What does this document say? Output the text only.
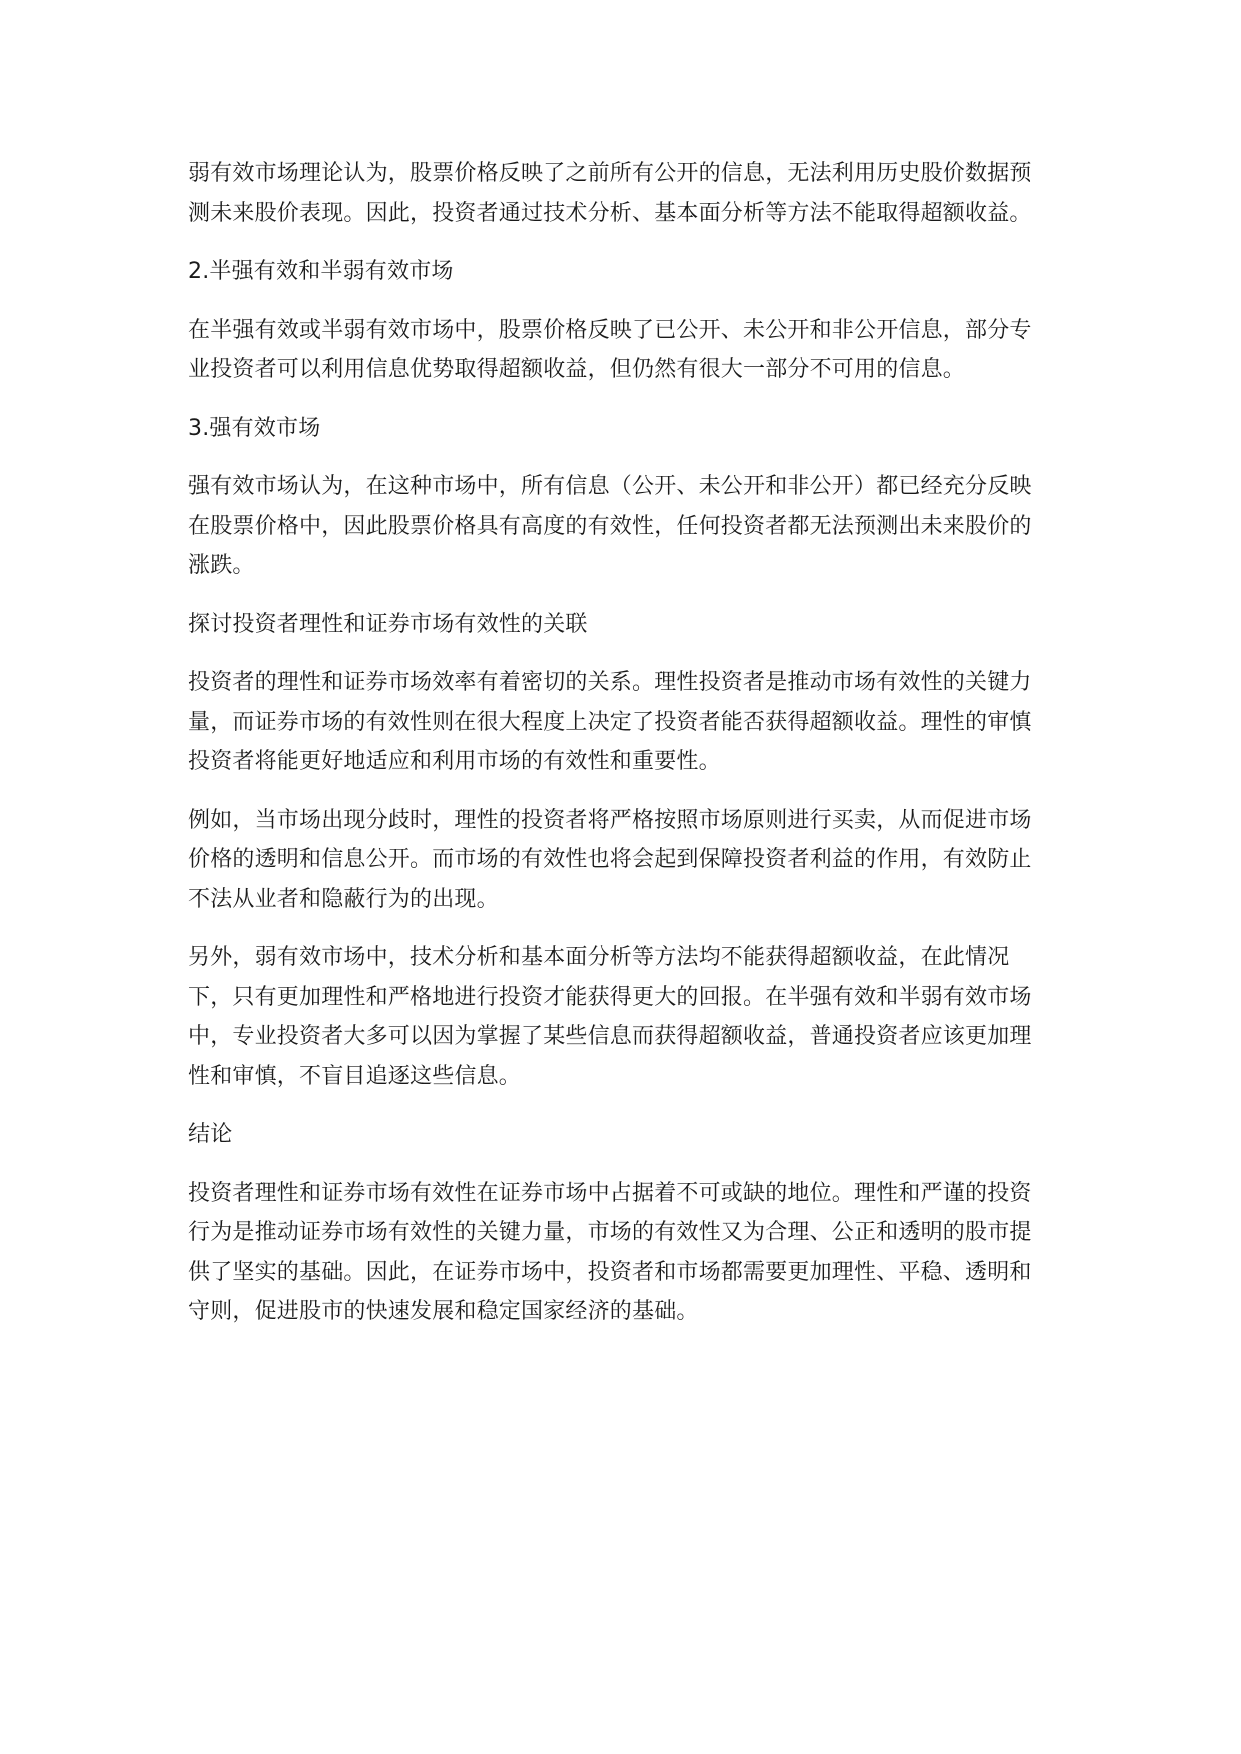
弱有效市场理论认为，股票价格反映了之前所有公开的信息，无法利用历史股价数据预测未来股价表现。因此，投资者通过技术分析、基本面分析等方法不能取得超额收益。

2.半强有效和半弱有效市场

在半强有效或半弱有效市场中，股票价格反映了已公开、未公开和非公开信息，部分专业投资者可以利用信息优势取得超额收益，但仍然有很大一部分不可用的信息。

3.强有效市场

强有效市场认为，在这种市场中，所有信息（公开、未公开和非公开）都已经充分反映在股票价格中，因此股票价格具有高度的有效性，任何投资者都无法预测出未来股价的涨跌。

探讨投资者理性和证券市场有效性的关联

投资者的理性和证券市场效率有着密切的关系。理性投资者是推动市场有效性的关键力量，而证券市场的有效性则在很大程度上决定了投资者能否获得超额收益。理性的审慎投资者将能更好地适应和利用市场的有效性和重要性。

例如，当市场出现分歧时，理性的投资者将严格按照市场原则进行买卖，从而促进市场价格的透明和信息公开。而市场的有效性也将会起到保障投资者利益的作用，有效防止不法从业者和隐蔽行为的出现。

另外，弱有效市场中，技术分析和基本面分析等方法均不能获得超额收益，在此情况下，只有更加理性和严格地进行投资才能获得更大的回报。在半强有效和半弱有效市场中，专业投资者大多可以因为掌握了某些信息而获得超额收益，普通投资者应该更加理性和审慎，不盲目追逐这些信息。

结论

投资者理性和证券市场有效性在证券市场中占据着不可或缺的地位。理性和严谨的投资行为是推动证券市场有效性的关键力量，市场的有效性又为合理、公正和透明的股市提供了坚实的基础。因此，在证券市场中，投资者和市场都需要更加理性、平稳、透明和守则，促进股市的快速发展和稳定国家经济的基础。
